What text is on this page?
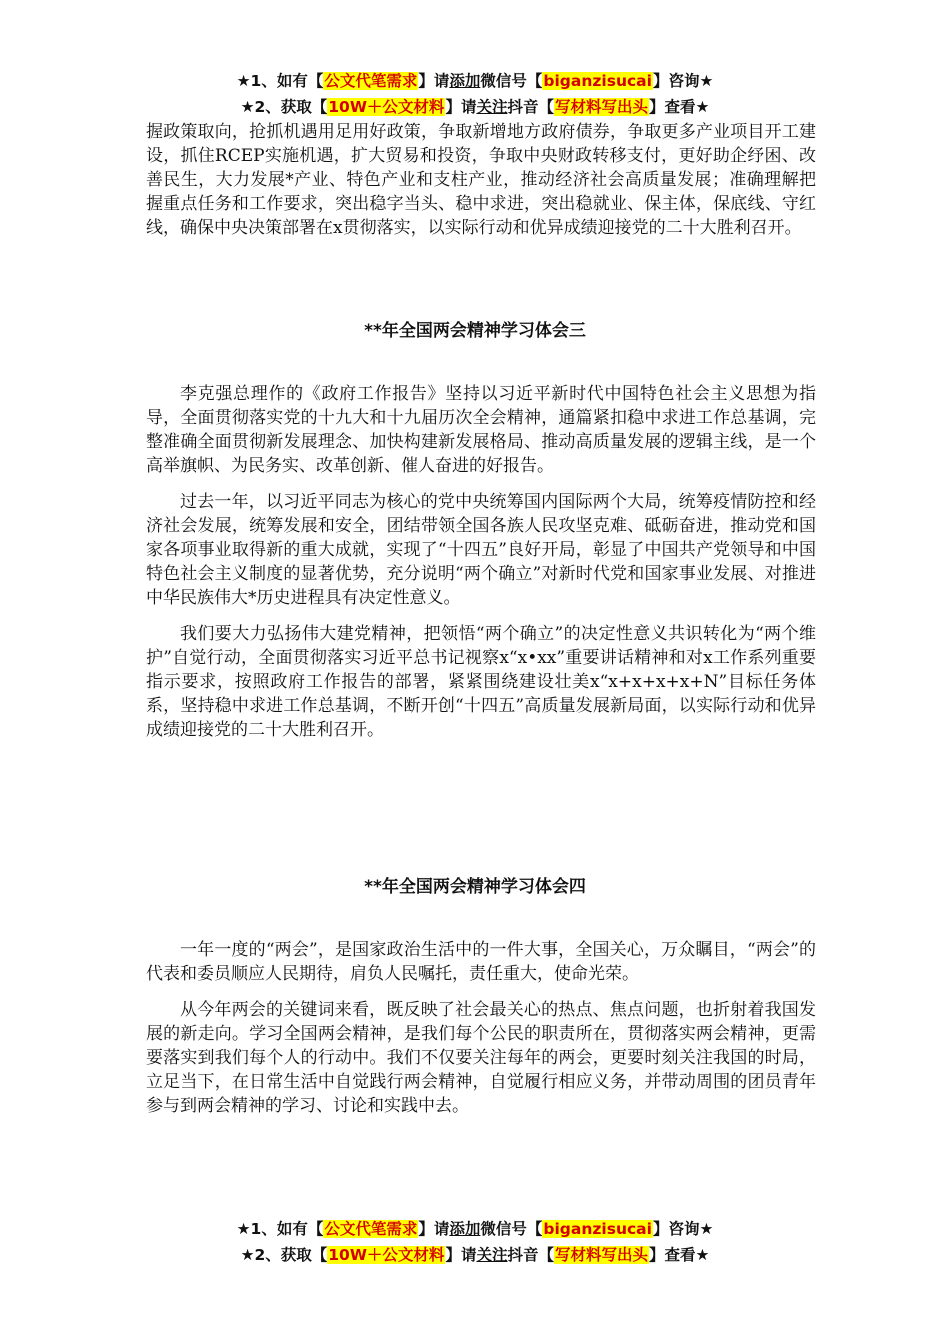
★1、如有【公文代笔需求】请添加微信号【biganzisucai】咨询★
★2、获取【10W＋公文材料】请关注抖音【写材料写出头】查看★

握政策取向，抢抓机遇用足用好政策，争取新增地方政府债券，争取更多产业项目开工建设，抓住RCEP实施机遇，扩大贸易和投资，争取中央财政转移支付，更好助企纾困、改善民生，大力发展*产业、特色产业和支柱产业，推动经济社会高质量发展；准确理解把握重点任务和工作要求，突出稳字当头、稳中求进，突出稳就业、保主体，保底线、守红线，确保中央决策部署在x贯彻落实，以实际行动和优异成绩迎接党的二十大胜利召开。

**年全国两会精神学习体会三

李克强总理作的《政府工作报告》坚持以习近平新时代中国特色社会主义思想为指导，全面贯彻落实党的十九大和十九届历次全会精神，通篇紧扣稳中求进工作总基调，完整准确全面贯彻新发展理念、加快构建新发展格局、推动高质量发展的逻辑主线，是一个高举旗帜、为民务实、改革创新、催人奋进的好报告。

过去一年，以习近平同志为核心的党中央统筹国内国际两个大局，统筹疫情防控和经济社会发展，统筹发展和安全，团结带领全国各族人民攻坚克难、砥砺奋进，推动党和国家各项事业取得新的重大成就，实现了“十四五”良好开局，彰显了中国共产党领导和中国特色社会主义制度的显著优势，充分说明“两个确立”对新时代党和国家事业发展、对推进中华民族伟大*历史进程具有决定性意义。

我们要大力弘扬伟大建党精神，把领悟“两个确立”的决定性意义共识转化为“两个维护”自觉行动，全面贯彻落实习近平总书记视察x“x•xx”重要讲话精神和对x工作系列重要指示要求，按照政府工作报告的部署，紧紧围绕建设壮美x“x+x+x+x+N”目标任务体系，坚持稳中求进工作总基调，不断开创“十四五”高质量发展新局面，以实际行动和优异成绩迎接党的二十大胜利召开。

**年全国两会精神学习体会四

一年一度的“两会”，是国家政治生活中的一件大事，全国关心，万众瞩目，“两会”的代表和委员顺应人民期待，肩负人民嘱托，责任重大，使命光荣。

从今年两会的关键词来看，既反映了社会最关心的热点、焦点问题，也折射着我国发展的新走向。学习全国两会精神，是我们每个公民的职责所在，贯彻落实两会精神，更需要落实到我们每个人的行动中。我们不仅要关注每年的两会，更要时刻关注我国的时局，立足当下，在日常生活中自觉践行两会精神，自觉履行相应义务，并带动周围的团员青年参与到两会精神的学习、讨论和实践中去。

★1、如有【公文代笔需求】请添加微信号【biganzisucai】咨询★
★2、获取【10W＋公文材料】请关注抖音【写材料写出头】查看★
